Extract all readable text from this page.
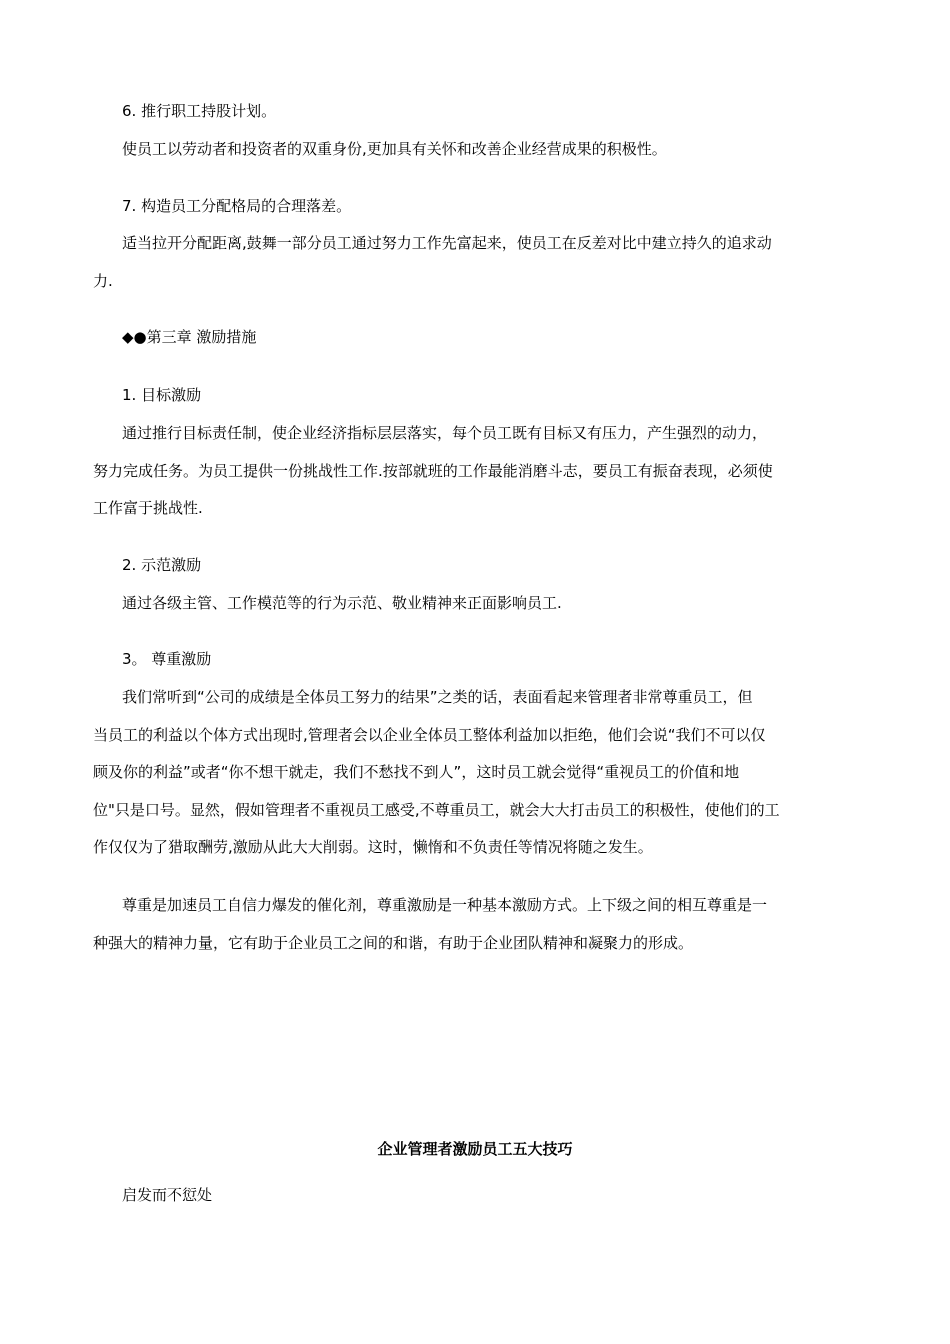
6. 推行职工持股计划。
使员工以劳动者和投资者的双重身份,更加具有关怀和改善企业经营成果的积极性。
7. 构造员工分配格局的合理落差。
适当拉开分配距离,鼓舞一部分员工通过努力工作先富起来，使员工在反差对比中建立持久的追求动
力.
◆●第三章 激励措施
1. 目标激励
通过推行目标责任制，使企业经济指标层层落实，每个员工既有目标又有压力，产生强烈的动力，
努力完成任务。为员工提供一份挑战性工作.按部就班的工作最能消磨斗志，要员工有振奋表现，必须使
工作富于挑战性.
2. 示范激励
通过各级主管、工作模范等的行为示范、敬业精神来正面影响员工.
3。 尊重激励
我们常听到“公司的成绩是全体员工努力的结果”之类的话，表面看起来管理者非常尊重员工，但
当员工的利益以个体方式出现时,管理者会以企业全体员工整体利益加以拒绝，他们会说“我们不可以仅
顾及你的利益”或者“你不想干就走，我们不愁找不到人”，这时员工就会觉得“重视员工的价值和地
位"只是口号。显然，假如管理者不重视员工感受,不尊重员工，就会大大打击员工的积极性，使他们的工
作仅仅为了猎取酬劳,激励从此大大削弱。这时，懒惰和不负责任等情况将随之发生。
尊重是加速员工自信力爆发的催化剂，尊重激励是一种基本激励方式。上下级之间的相互尊重是一
种强大的精神力量，它有助于企业员工之间的和谐，有助于企业团队精神和凝聚力的形成。
企业管理者激励员工五大技巧
启发而不愆处
